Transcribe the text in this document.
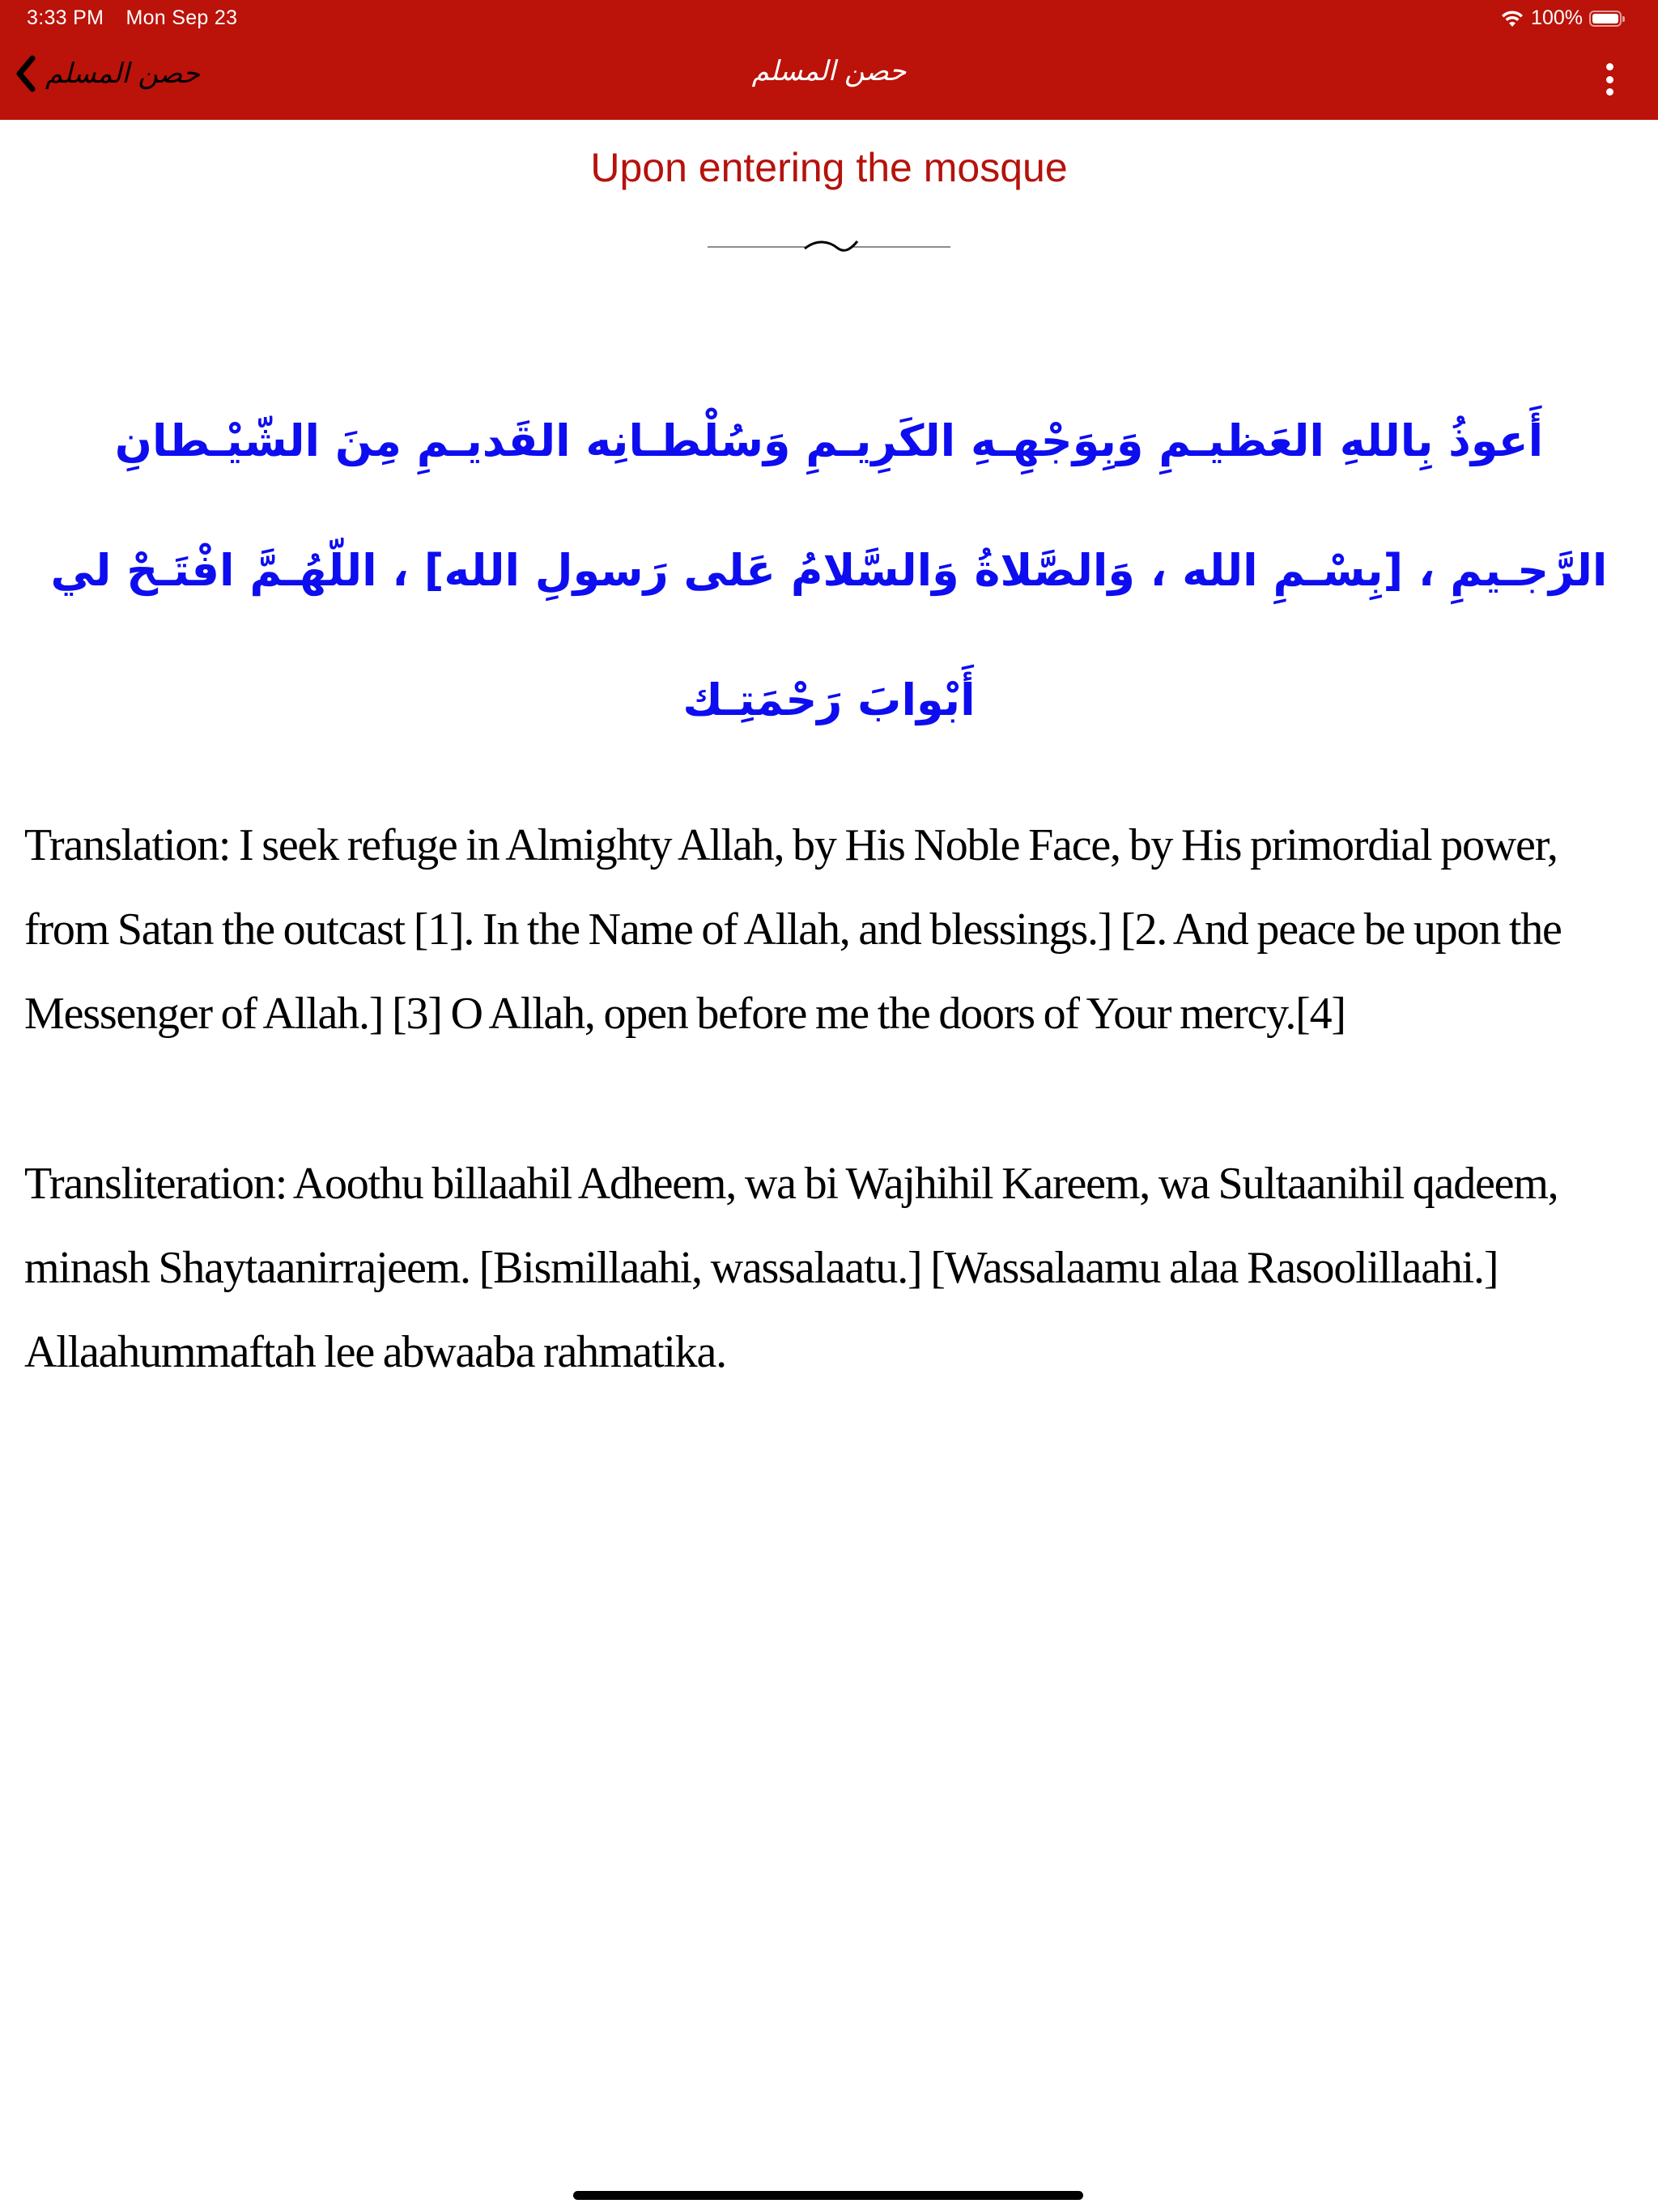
3:33 PM Mon Sep 23	100%
حصن المسلم	حصن المسلم
Upon entering the mosque
أَعوذُ بِاللهِ العَظيـمِ وَبِوَجْهِـهِ الكَرِيـمِ وَسُلْطـانِه القَديـمِ مِنَ الشّيْـطانِ الرَّجـيمِ ، [بِسْـمِ الله ، وَالصَّلاةُ وَالسَّلامُ عَلى رَسولِ الله] ، اللّهُـمَّ افْتَـحْ لي أَبْوابَ رَحْمَتِـك
Translation: I seek refuge in Almighty Allah, by His Noble Face, by His primordial power, from Satan the outcast [1]. In the Name of Allah, and blessings.] [2. And peace be upon the Messenger of Allah.] [3] O Allah, open before me the doors of Your mercy.[4]
Transliteration: Aoothu billaahil Adheem, wa bi Wajhihil Kareem, wa Sultaanihil qadeem, minash Shaytaanirrajeem. [Bismillaahi, wassalaatu.] [Wassalaamu alaa Rasoolillaahi.] Allaahummaftah lee abwaaba rahmatika.
